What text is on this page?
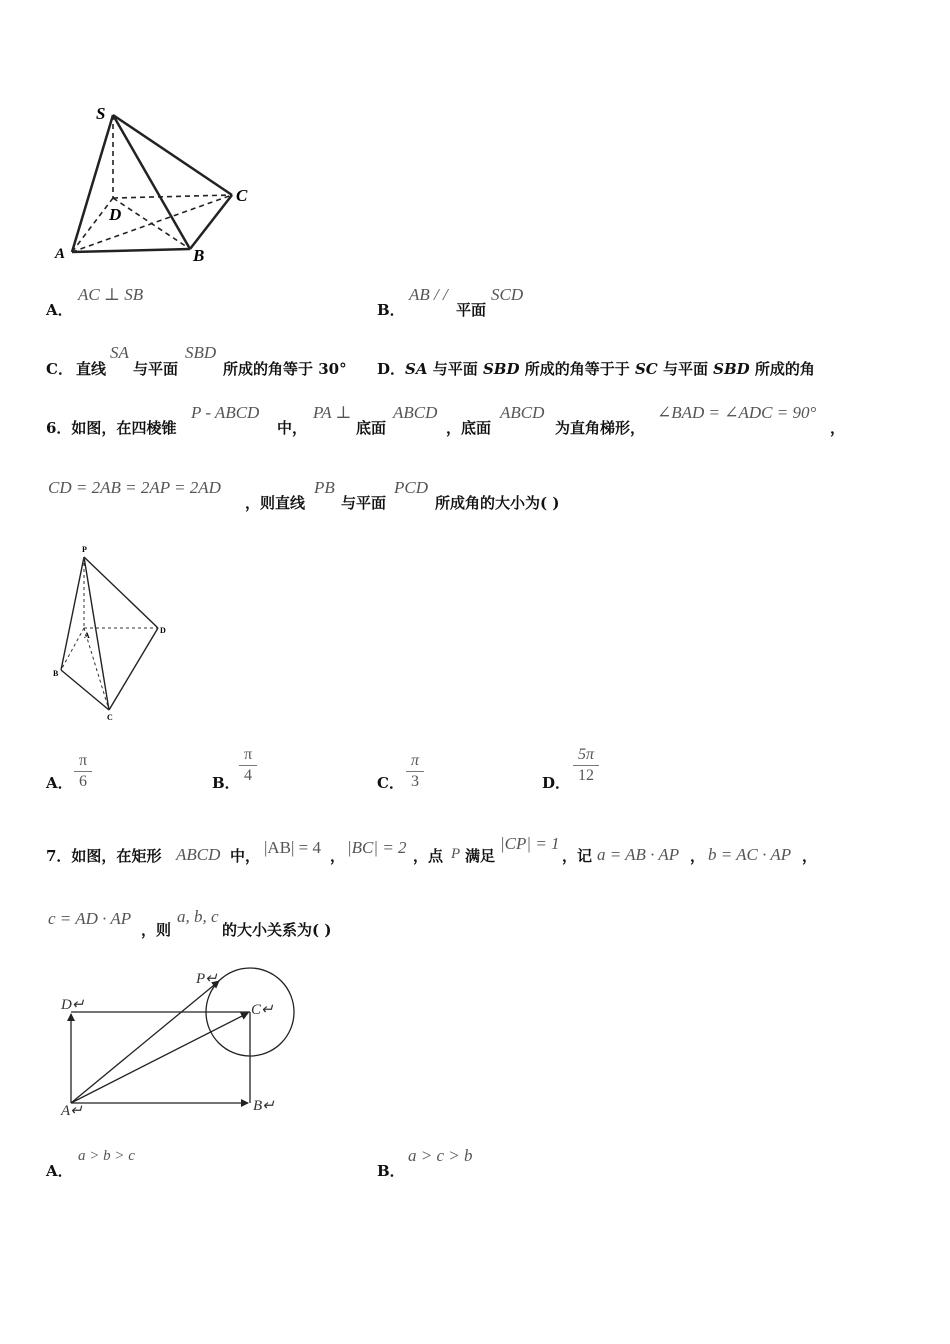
S
C
D
A	B
A．
AC ⊥ SB
B．
AB / /
平面
SCD
C． 直线
SA
与平面
SBD
所成的角等于 30° D．SA 与平面 SBD 所成的角等于于 SC 与平面 SBD 所成的角
6．如图，在四棱锥
P - ABCD
中，
PA ⊥
底面
ABCD
，底面
ABCD
为直角梯形，
∠BAD = ∠ADC = 90°
，
CD = 2AB = 2AP = 2AD
，则直线
PB
与平面
PCD
所成角的大小为( )
P
A
D
B
C
A．
π
6	B．
π
4	C．
π
3	D．
5π
12
7．如图，在矩形 ABCD 中， |AB| = 4 ， |BC| = 2 ，点 P 满足
|CP| = 1
，记 a = AB · AP ， b = AC · AP ，
c = AD · AP
，则
a, b, c
的大小关系为( )
P↵
D↵	C↵
A↵	B↵
A．
a > b > c
B．
a > c > b
